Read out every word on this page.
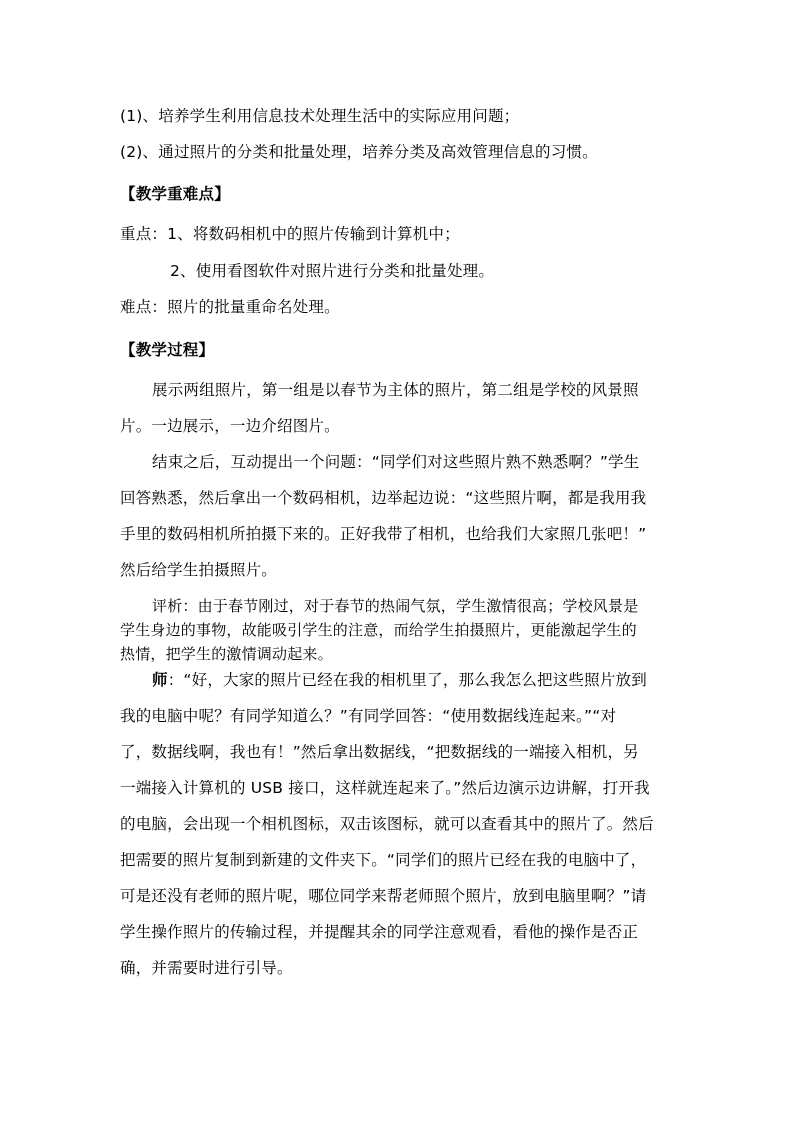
(1)、培养学生利用信息技术处理生活中的实际应用问题；
(2)、通过照片的分类和批量处理，培养分类及高效管理信息的习惯。
【教学重难点】
重点：1、将数码相机中的照片传输到计算机中；
2、使用看图软件对照片进行分类和批量处理。
难点：照片的批量重命名处理。
【教学过程】
展示两组照片，第一组是以春节为主体的照片，第二组是学校的风景照
片。一边展示，一边介绍图片。
结束之后，互动提出一个问题：“同学们对这些照片熟不熟悉啊？”学生
回答熟悉，然后拿出一个数码相机，边举起边说：“这些照片啊，都是我用我
手里的数码相机所拍摄下来的。正好我带了相机，也给我们大家照几张吧！”
然后给学生拍摄照片。
评析：由于春节刚过，对于春节的热闹气氛，学生激情很高；学校风景是
学生身边的事物，故能吸引学生的注意，而给学生拍摄照片，更能激起学生的
热情，把学生的激情调动起来。
师：“好，大家的照片已经在我的相机里了，那么我怎么把这些照片放到
我的电脑中呢？有同学知道么？”有同学回答：“使用数据线连起来。”“对
了，数据线啊，我也有！”然后拿出数据线，“把数据线的一端接入相机，另
一端接入计算机的 USB 接口，这样就连起来了。”然后边演示边讲解，打开我
的电脑，会出现一个相机图标，双击该图标，就可以查看其中的照片了。然后
把需要的照片复制到新建的文件夹下。“同学们的照片已经在我的电脑中了，
可是还没有老师的照片呢，哪位同学来帮老师照个照片，放到电脑里啊？”请
学生操作照片的传输过程，并提醒其余的同学注意观看，看他的操作是否正
确，并需要时进行引导。
